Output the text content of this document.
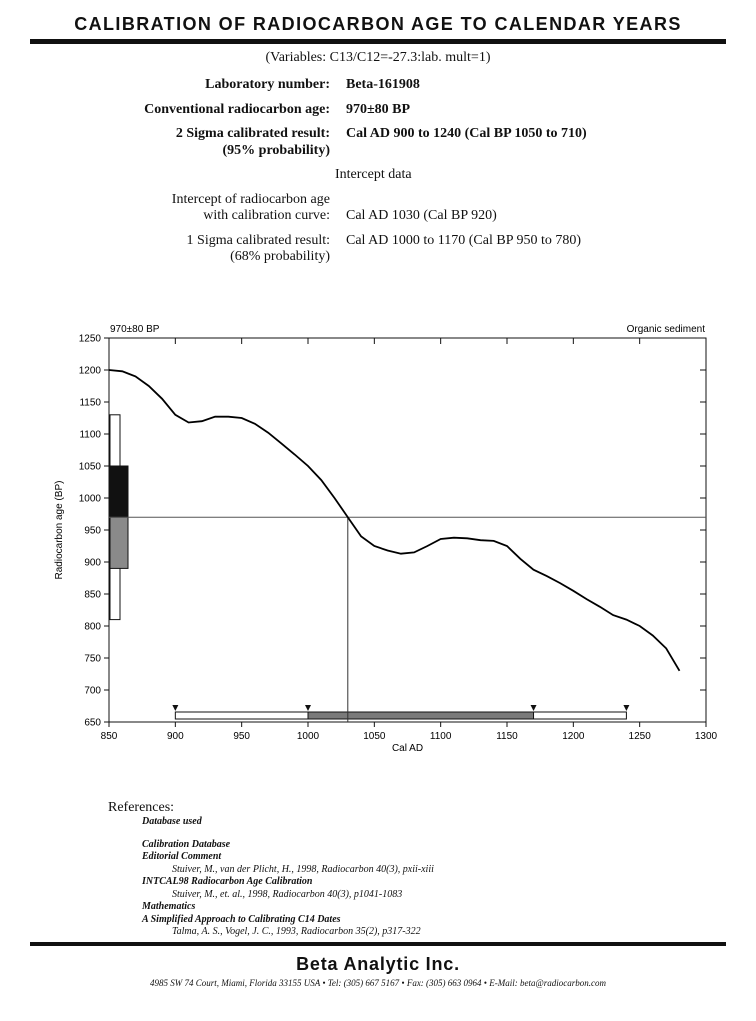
CALIBRATION OF RADIOCARBON AGE TO CALENDAR YEARS
(Variables: C13/C12=-27.3:lab. mult=1)
Laboratory number: Beta-161908
Conventional radiocarbon age: 970±80 BP
2 Sigma calibrated result: Cal AD 900 to 1240 (Cal BP 1050 to 710)
(95% probability)
Intercept data
Intercept of radiocarbon age
with calibration curve: Cal AD 1030 (Cal BP 920)
1 Sigma calibrated result: Cal AD 1000 to 1170 (Cal BP 950 to 780)
(68% probability)
850	900	950	1000	1050	1100	1150	1200	1250	1300
650
700
750
800
850
900
950
1000
1050
1100
1150
1200
1250
970±80 BP	Organic sediment
Cal AD
Radiocarbon age (BP)
References:
Database used
Calibration Database
Editorial Comment
Stuiver, M., van der Plicht, H., 1998, Radiocarbon 40(3), pxii-xiii
INTCAL98 Radiocarbon Age Calibration
Stuiver, M., et. al., 1998, Radiocarbon 40(3), p1041-1083
Mathematics
A Simplified Approach to Calibrating C14 Dates
Talma, A. S., Vogel, J. C., 1993, Radiocarbon 35(2), p317-322
Beta Analytic Inc.
4985 SW 74 Court, Miami, Florida 33155 USA • Tel: (305) 667 5167 • Fax: (305) 663 0964 • E-Mail: beta@radiocarbon.com
